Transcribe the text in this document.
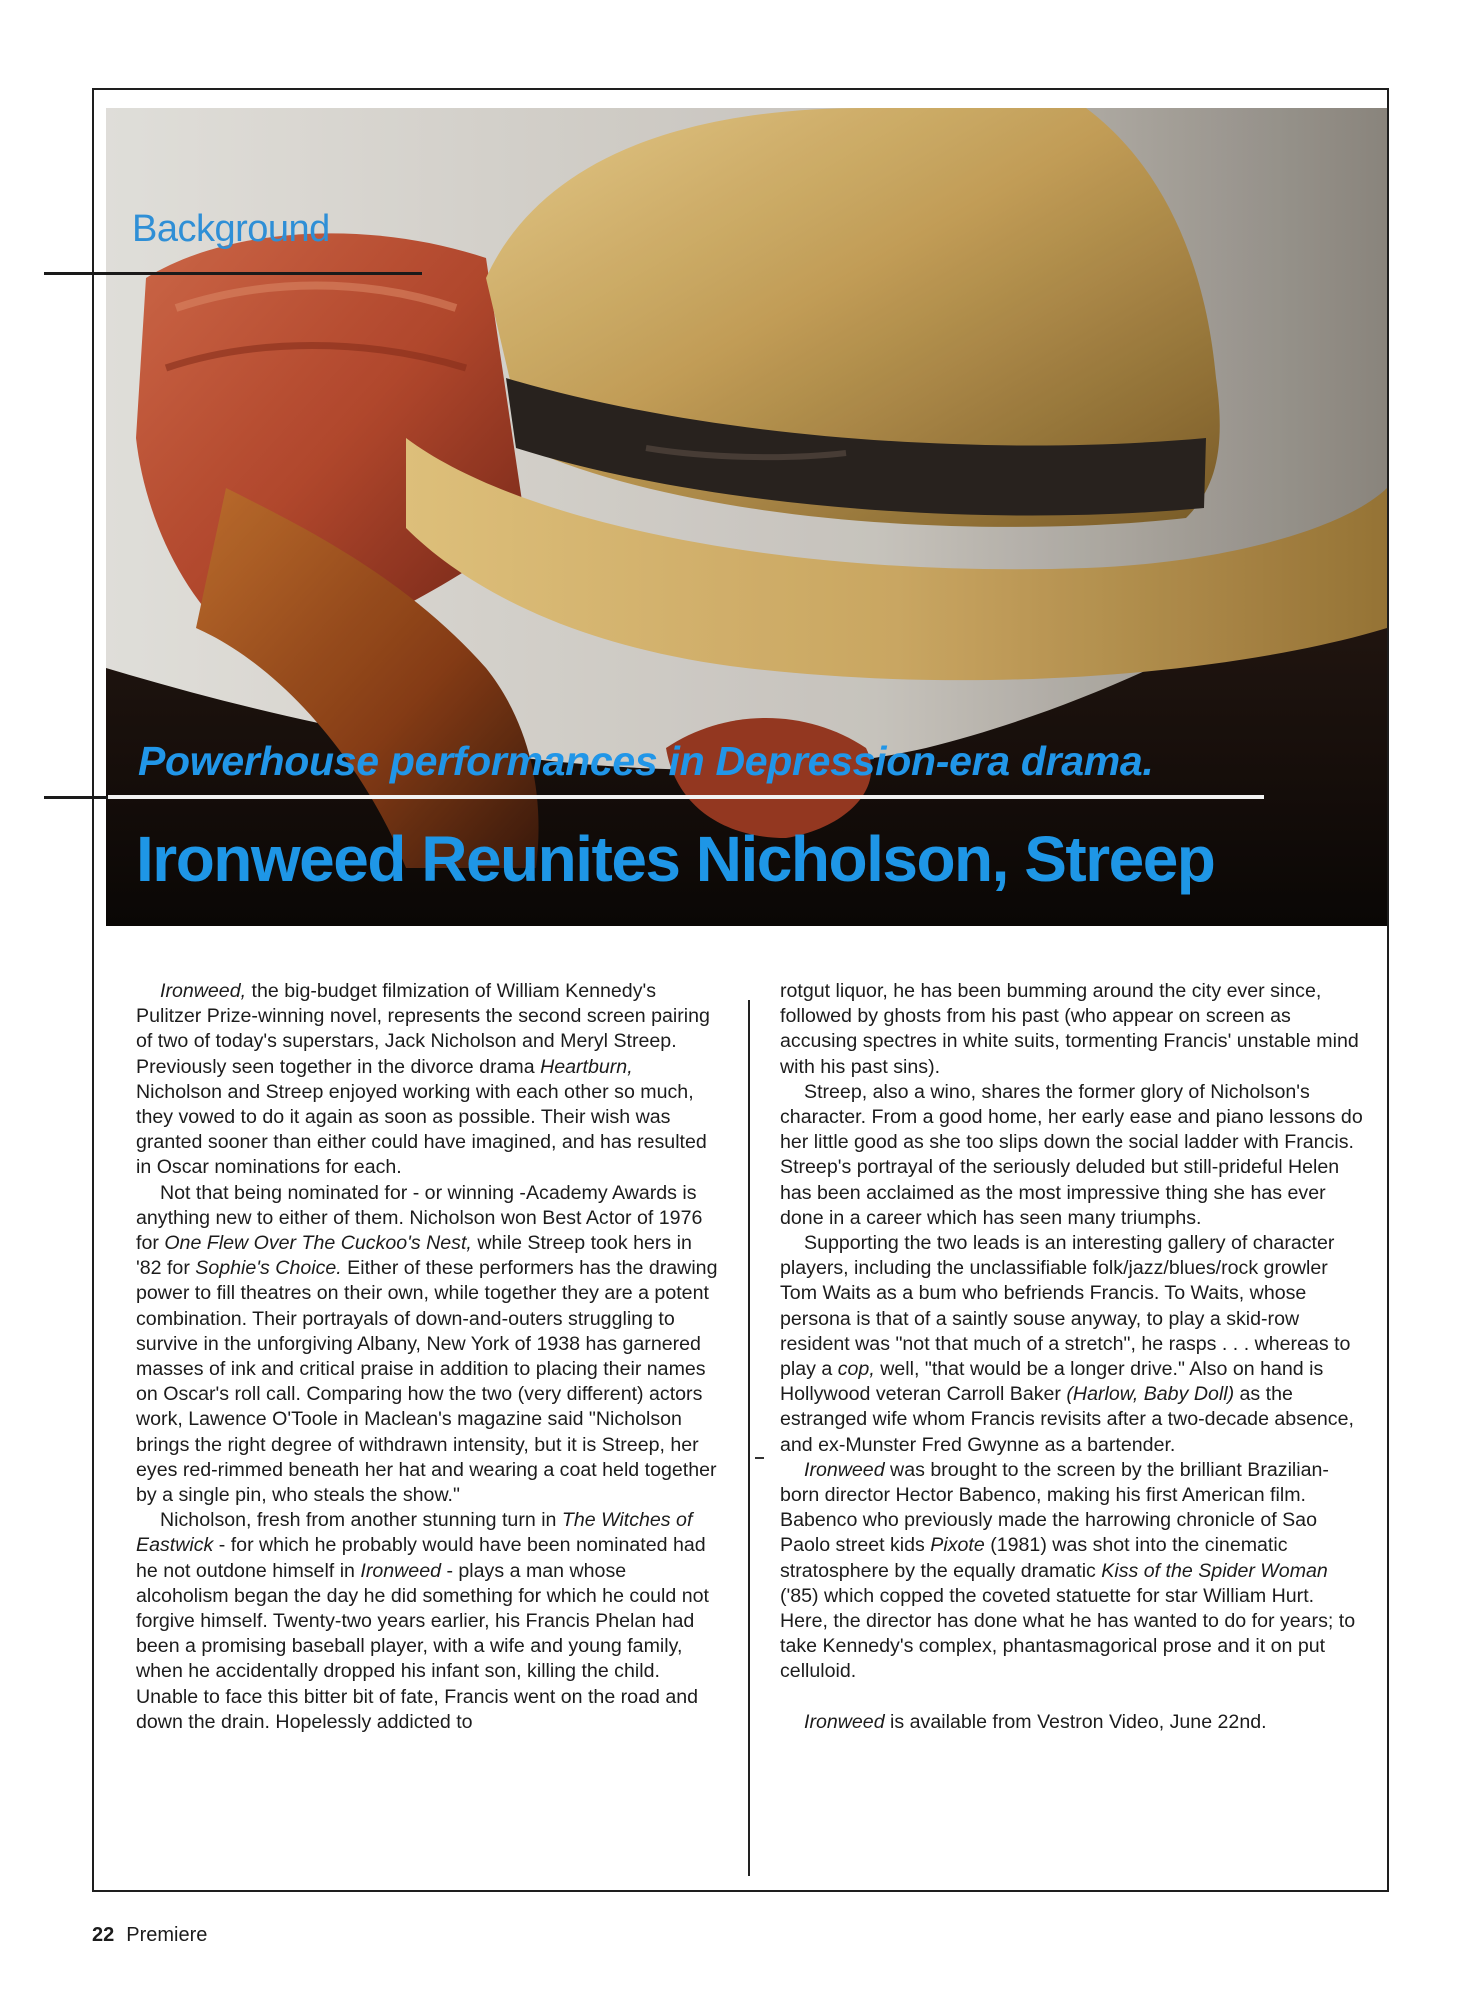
Background

Powerhouse performances in Depression-era drama.

Ironweed Reunites Nicholson, Streep

Ironweed, the big-budget filmization of William Kennedy's Pulitzer Prize-winning novel, represents the second screen pairing of two of today's superstars, Jack Nicholson and Meryl Streep. Previously seen together in the divorce drama Heartburn, Nicholson and Streep enjoyed working with each other so much, they vowed to do it again as soon as possible. Their wish was granted sooner than either could have imagined, and has resulted in Oscar nominations for each.

Not that being nominated for - or winning -Academy Awards is anything new to either of them. Nicholson won Best Actor of 1976 for One Flew Over The Cuckoo's Nest, while Streep took hers in '82 for Sophie's Choice. Either of these performers has the drawing power to fill theatres on their own, while together they are a potent combination. Their portrayals of down-and-outers struggling to survive in the unforgiving Albany, New York of 1938 has garnered masses of ink and critical praise in addition to placing their names on Oscar's roll call. Comparing how the two (very different) actors work, Lawence O'Toole in Maclean's magazine said "Nicholson brings the right degree of withdrawn intensity, but it is Streep, her eyes red-rimmed beneath her hat and wearing a coat held together by a single pin, who steals the show."

Nicholson, fresh from another stunning turn in The Witches of Eastwick - for which he probably would have been nominated had he not outdone himself in Ironweed - plays a man whose alcoholism began the day he did something for which he could not forgive himself. Twenty-two years earlier, his Francis Phelan had been a promising baseball player, with a wife and young family, when he accidentally dropped his infant son, killing the child. Unable to face this bitter bit of fate, Francis went on the road and down the drain. Hopelessly addicted to

rotgut liquor, he has been bumming around the city ever since, followed by ghosts from his past (who appear on screen as accusing spectres in white suits, tormenting Francis' unstable mind with his past sins).

Streep, also a wino, shares the former glory of Nicholson's character. From a good home, her early ease and piano lessons do her little good as she too slips down the social ladder with Francis. Streep's portrayal of the seriously deluded but still-prideful Helen has been acclaimed as the most impressive thing she has ever done in a career which has seen many triumphs.

Supporting the two leads is an interesting gallery of character players, including the unclassifiable folk/jazz/blues/rock growler Tom Waits as a bum who befriends Francis. To Waits, whose persona is that of a saintly souse anyway, to play a skid-row resident was "not that much of a stretch", he rasps . . . whereas to play a cop, well, "that would be a longer drive." Also on hand is Hollywood veteran Carroll Baker (Harlow, Baby Doll) as the estranged wife whom Francis revisits after a two-decade absence, and ex-Munster Fred Gwynne as a bartender.

Ironweed was brought to the screen by the brilliant Brazilian-born director Hector Babenco, making his first American film. Babenco who previously made the harrowing chronicle of Sao Paolo street kids Pixote (1981) was shot into the cinematic stratosphere by the equally dramatic Kiss of the Spider Woman ('85) which copped the coveted statuette for star William Hurt. Here, the director has done what he has wanted to do for years; to take Kennedy's complex, phantasmagorical prose and it on put celluloid.

Ironweed is available from Vestron Video, June 22nd.

22 Premiere
